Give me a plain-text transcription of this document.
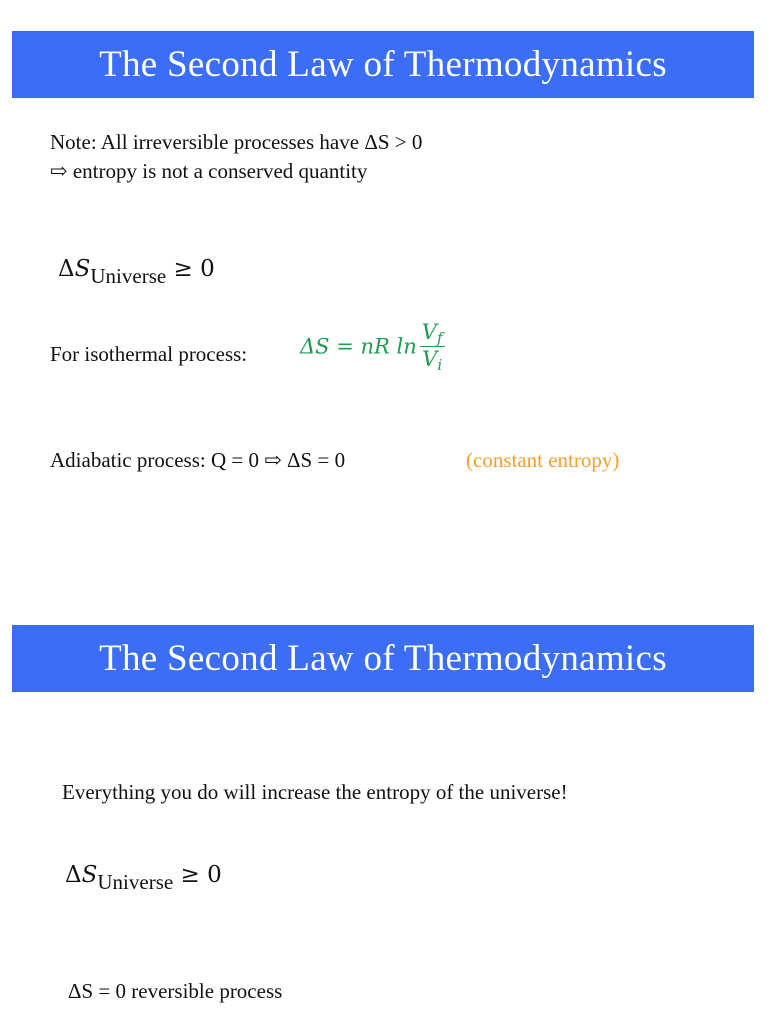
The Second Law of Thermodynamics
Note: All irreversible processes have ΔS > 0
⇨ entropy is not a conserved quantity
ΔSUniverse ≥ 0
For isothermal process:	ΔS = nR $\ln \frac{Vf}{Vi}$
Adiabatic process: Q = 0 ⇨ ΔS = 0	(constant entropy)
The Second Law of Thermodynamics
Everything you do will increase the entropy of the universe!
ΔSUniverse ≥ 0
ΔS = 0 reversible process
